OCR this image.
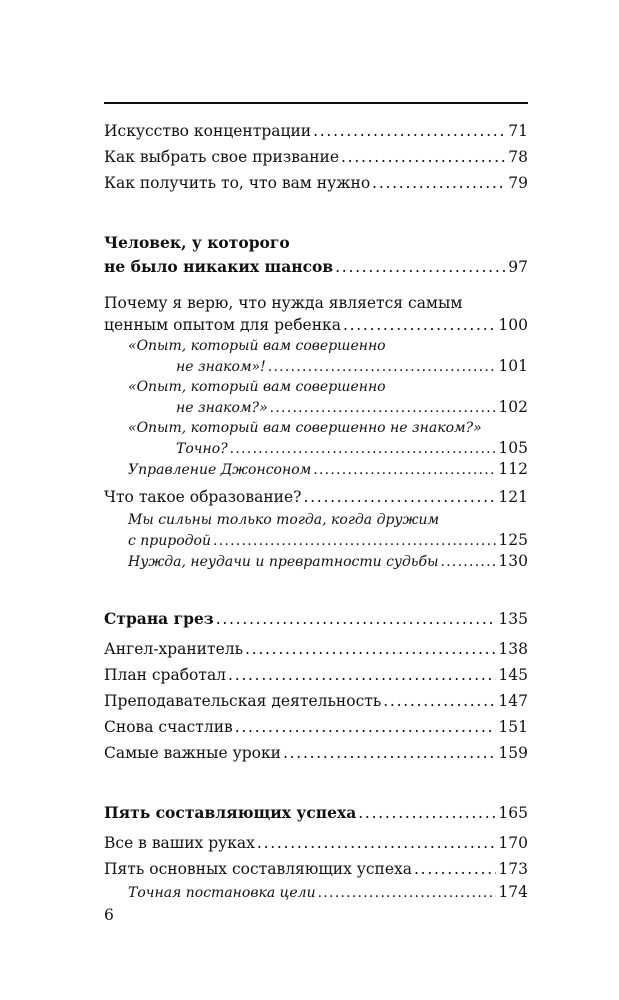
Искусство концентрации . . .	71
Как выбрать свое призвание . . .	78
Как получить то, что вам нужно . . .	79
Человек, у которого
не было никаких шансов . . .	97
Почему я верю, что нужда является самым
ценным опытом для ребенка . . .	100
«Опыт, который вам совершенно
не знаком»! . . .	101
«Опыт, который вам совершенно
не знаком?» . . .	102
«Опыт, который вам совершенно не знаком?»
Точно? . . .	105
Управление Джонсоном . . .	112
Что такое образование? . . .	121
Мы сильны только тогда, когда дружим
с природой . . .	125
Нужда, неудачи и превратности судьбы . . .	130
Страна грез . . .	135
Ангел-хранитель . . .	138
План сработал . . .	145
Преподавательская деятельность . . .	147
Снова счастлив . . .	151
Самые важные уроки . . .	159
Пять составляющих успеха . . .	165
Все в ваших руках . . .	170
Пять основных составляющих успеха . . .	173
Точная постановка цели . . .	174
6
